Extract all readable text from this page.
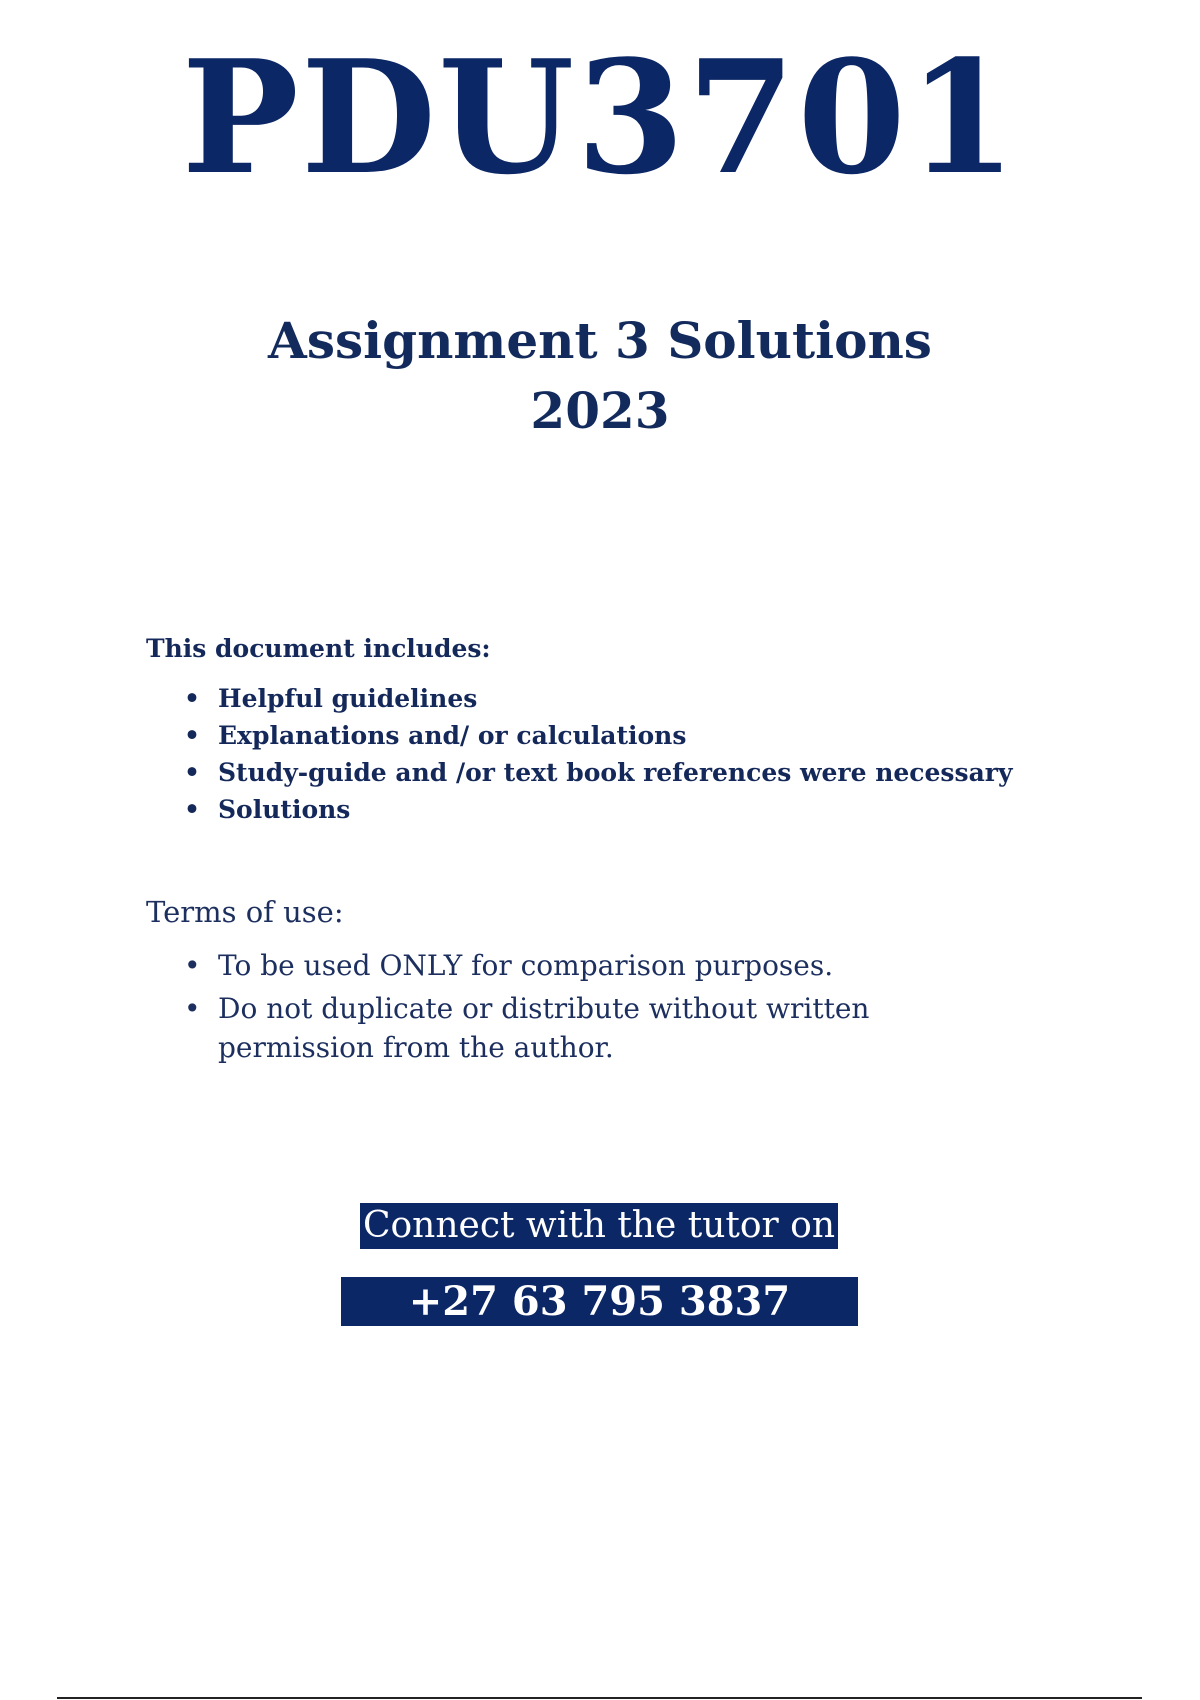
PDU3701
Assignment 3 Solutions
2023
This document includes:
• Helpful guidelines
• Explanations and/ or calculations
• Study-guide and /or text book references were necessary
• Solutions
Terms of use:
• To be used ONLY for comparison purposes.
• Do not duplicate or distribute without written permission from the author.
Connect with the tutor on
+27 63 795 3837
